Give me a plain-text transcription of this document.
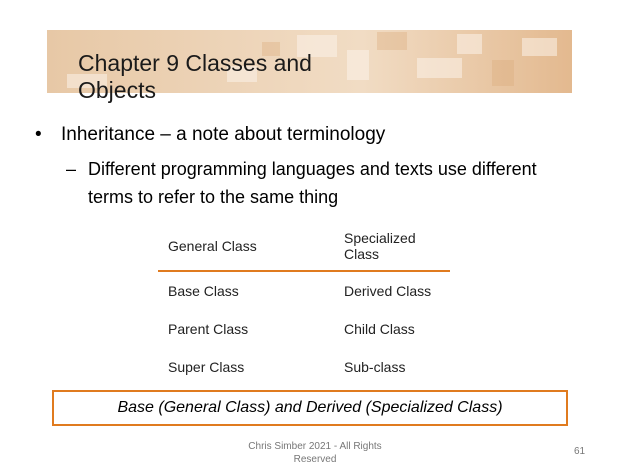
Chapter 9 Classes and Objects
• Inheritance – a note about terminology
– Different programming languages and texts use different terms to refer to the same thing
General Class	Specialized Class
Base Class	Derived Class
Parent Class	Child Class
Super Class	Sub-class
Base (General Class) and Derived (Specialized Class)
Chris Simber 2021 - All Rights Reserved
61
